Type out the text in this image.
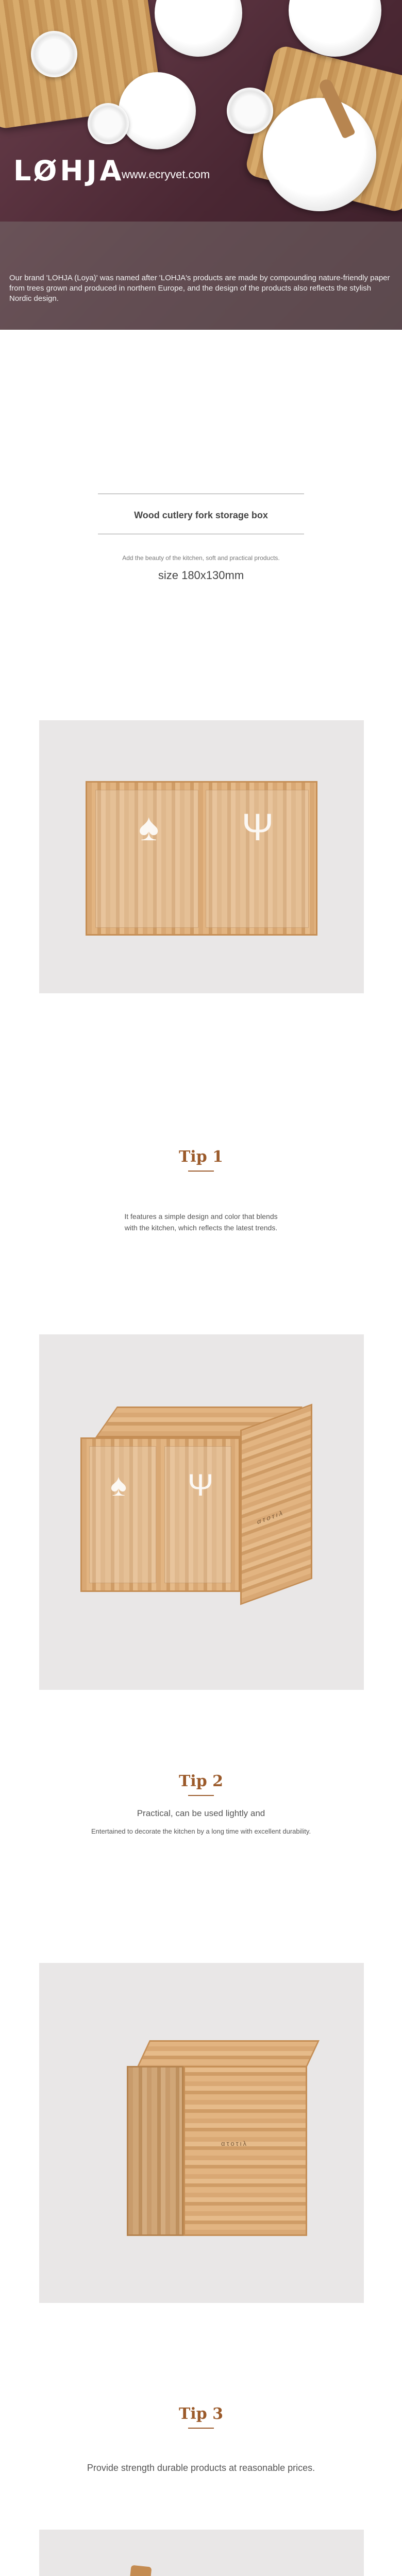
LØHJA
www.ecryvet.com

Our brand 'LOHJA (Loya)' was named after 'LOHJA's products are made by compounding nature-friendly paper from trees grown and produced in northern Europe, and the design of the products also reflects the stylish Nordic design.

Wood cutlery fork storage box

Add the beauty of the kitchen, soft and practical products.

size 180x130mm

♠ Ψ
Tip 1

It features a simple design and color that blends

with the kitchen, which reflects the latest trends.

♠ Ψ
ατοτιλ
Tip 2

Practical, can be used lightly and

Entertained to decorate the kitchen by a long time with excellent durability.

ατοτιλ
Tip 3

Provide strength durable products at reasonable prices.
